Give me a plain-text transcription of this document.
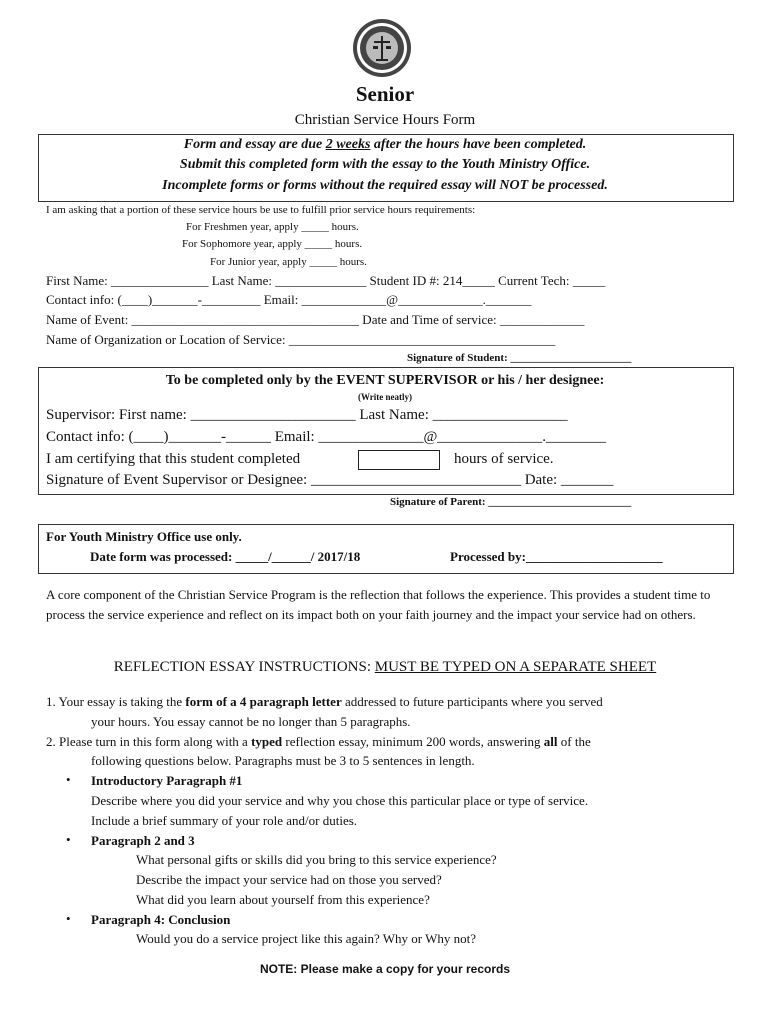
Senior
Christian Service Hours Form
Form and essay are due 2 weeks after the hours have been completed.
Submit this completed form with the essay to the Youth Ministry Office.
Incomplete forms or forms without the required essay will NOT be processed.
I am asking that a portion of these service hours be use to fulfill prior service hours requirements:
For Freshmen year, apply _____ hours.
For Sophomore year, apply _____ hours.
For Junior year, apply _____ hours.
First Name: _______________ Last Name: ______________ Student ID #: 214_____ Current Tech: _____
Contact info: (____)_______-_________ Email: _____________@_____________._______
Name of Event: ___________________________________ Date and Time of service: _____________
Name of Organization or Location of Service: _________________________________________
Signature of Student: ______________________
To be completed only by the EVENT SUPERVISOR or his / her designee:
(Write neatly)
Supervisor: First name: ______________________ Last Name: __________________
Contact info: (____)_______-______ Email: ______________@______________.________
I am certifying that this student completed	hours of service.
Signature of Event Supervisor or Designee: ____________________________ Date: _______
Signature of Parent: __________________________
For Youth Ministry Office use only.
Date form was processed: _____/______/ 2017/18	Processed by:_____________________
A core component of the Christian Service Program is the reflection that follows the experience. This provides a student time to process the service experience and reflect on its impact both on your faith journey and the impact your service had on others.
REFLECTION ESSAY INSTRUCTIONS: MUST BE TYPED ON A SEPARATE SHEET
1. Your essay is taking the form of a 4 paragraph letter addressed to future participants where you served
your hours. You essay cannot be no longer than 5 paragraphs.
2. Please turn in this form along with a typed reflection essay, minimum 200 words, answering all of the
following questions below. Paragraphs must be 3 to 5 sentences in length.
• Introductory Paragraph #1
Describe where you did your service and why you chose this particular place or type of service.
Include a brief summary of your role and/or duties.
• Paragraph 2 and 3
What personal gifts or skills did you bring to this service experience?
Describe the impact your service had on those you served?
What did you learn about yourself from this experience?
• Paragraph 4: Conclusion
Would you do a service project like this again? Why or Why not?
NOTE: Please make a copy for your records
